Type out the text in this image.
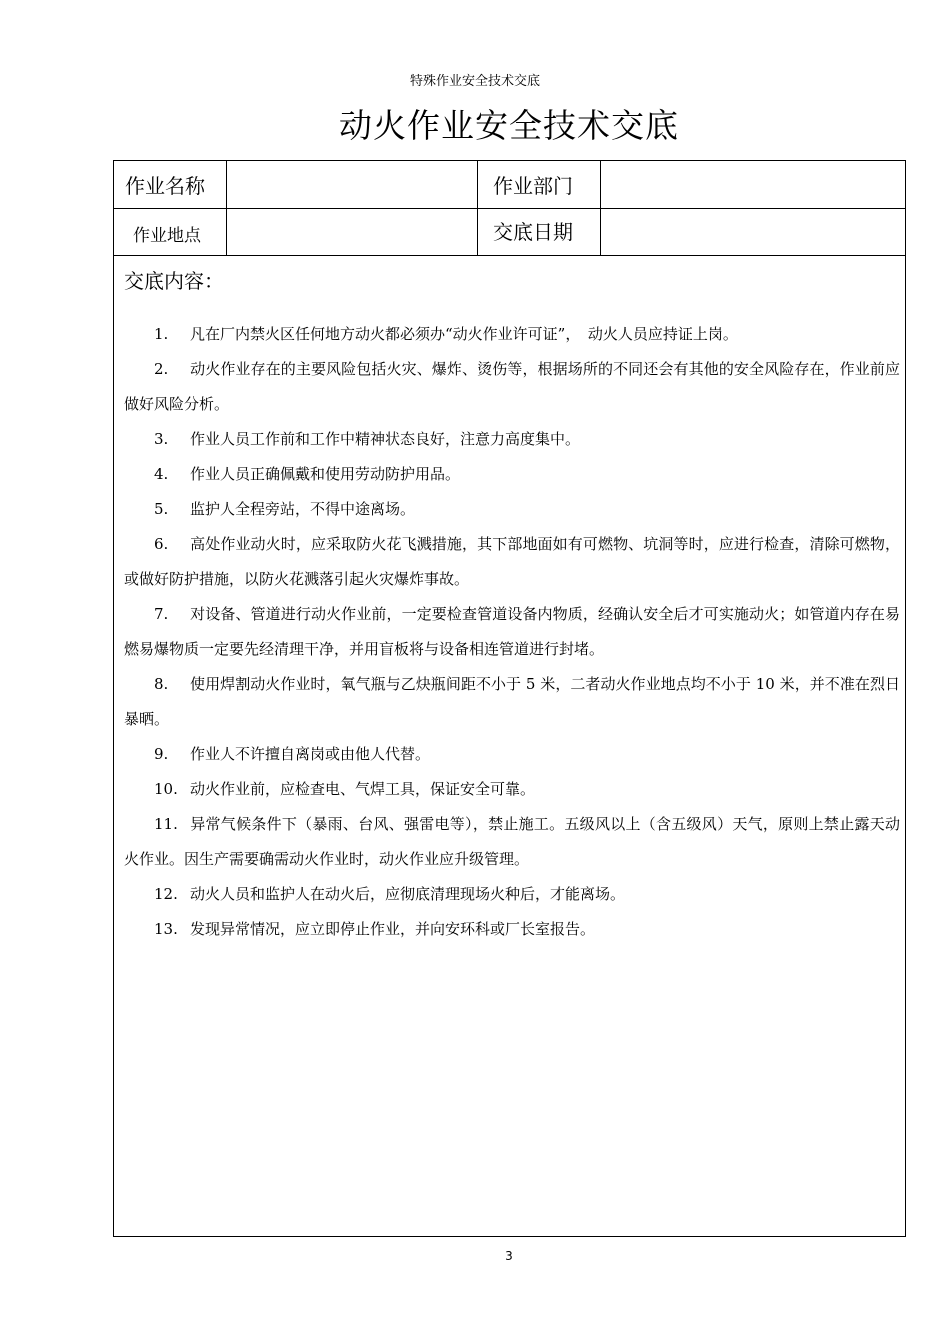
特殊作业安全技术交底
动火作业安全技术交底
作业名称	作业部门
作业地点	交底日期
交底内容：

1. 凡在厂内禁火区任何地方动火都必须办“动火作业许可证”，　动火人员应持证上岗。

2. 动火作业存在的主要风险包括火灾、爆炸、烫伤等，根据场所的不同还会有其他的安全风险存在，作业前应做好风险分析。

3. 作业人员工作前和工作中精神状态良好，注意力高度集中。

4. 作业人员正确佩戴和使用劳动防护用品。

5. 监护人全程旁站，不得中途离场。

6. 高处作业动火时，应采取防火花飞溅措施，其下部地面如有可燃物、坑洞等时，应进行检查，清除可燃物，或做好防护措施，以防火花溅落引起火灾爆炸事故。

7. 对设备、管道进行动火作业前，一定要检查管道设备内物质，经确认安全后才可实施动火；如管道内存在易燃易爆物质一定要先经清理干净，并用盲板将与设备相连管道进行封堵。

8. 使用焊割动火作业时，氧气瓶与乙炔瓶间距不小于 5 米，二者动火作业地点均不小于 10 米，并不准在烈日暴晒。

9. 作业人不许擅自离岗或由他人代替。

10. 动火作业前，应检查电、气焊工具，保证安全可靠。

11. 异常气候条件下（暴雨、台风、强雷电等），禁止施工。五级风以上（含五级风）天气，原则上禁止露天动火作业。因生产需要确需动火作业时，动火作业应升级管理。

12. 动火人员和监护人在动火后，应彻底清理现场火种后，才能离场。

13. 发现异常情况，应立即停止作业，并向安环科或厂长室报告。

3
